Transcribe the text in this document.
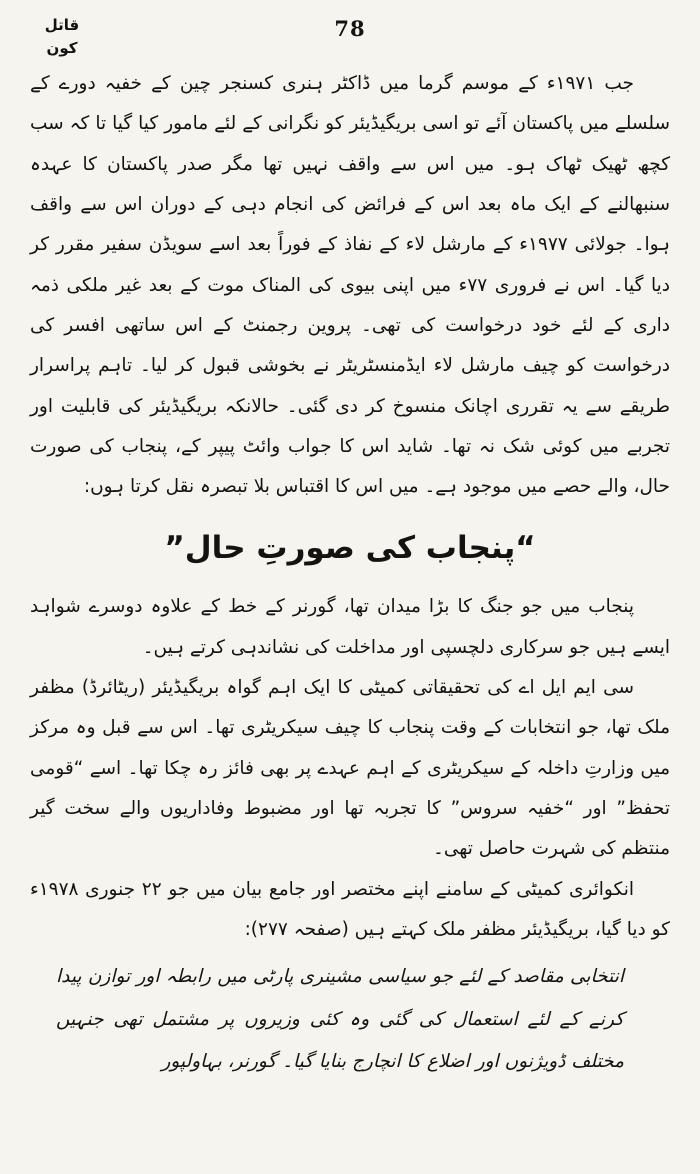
قاتل کون
78

جب ۱۹۷۱ء کے موسم گرما میں ڈاکٹر ہنری کسنجر چین کے خفیہ دورے کے سلسلے میں پاکستان آئے تو اسی بریگیڈیئر کو نگرانی کے لئے مامور کیا گیا تا کہ سب کچھ ٹھیک ٹھاک ہو۔ میں اس سے واقف نہیں تھا مگر صدر پاکستان کا عہدہ سنبھالنے کے ایک ماہ بعد اس کے فرائض کی انجام دہی کے دوران اس سے واقف ہوا۔ جولائی ۱۹۷۷ء کے مارشل لاء کے نفاذ کے فوراً بعد اسے سویڈن سفیر مقرر کر دیا گیا۔ اس نے فروری ۷۷ء میں اپنی بیوی کی المناک موت کے بعد غیر ملکی ذمہ داری کے لئے خود درخواست کی تھی۔ پروین رجمنٹ کے اس ساتھی افسر کی درخواست کو چیف مارشل لاء ایڈمنسٹریٹر نے بخوشی قبول کر لیا۔ تاہم پراسرار طریقے سے یہ تقرری اچانک منسوخ کر دی گئی۔ حالانکہ بریگیڈیئر کی قابلیت اور تجربے میں کوئی شک نہ تھا۔ شاید اس کا جواب وائٹ پیپر کے، پنجاب کی صورت حال، والے حصے میں موجود ہے۔ میں اس کا اقتباس بلا تبصرہ نقل کرتا ہوں:

“پنجاب کی صورتِ حال”

پنجاب میں جو جنگ کا بڑا میدان تھا، گورنر کے خط کے علاوہ دوسرے شواہد ایسے ہیں جو سرکاری دلچسپی اور مداخلت کی نشاندہی کرتے ہیں۔

سی ایم ایل اے کی تحقیقاتی کمیٹی کا ایک اہم گواہ بریگیڈیئر (ریٹائرڈ) مظفر ملک تھا، جو انتخابات کے وقت پنجاب کا چیف سیکریٹری تھا۔ اس سے قبل وہ مرکز میں وزارتِ داخلہ کے سیکریٹری کے اہم عہدے پر بھی فائز رہ چکا تھا۔ اسے “قومی تحفظ” اور “خفیہ سروس” کا تجربہ تھا اور مضبوط وفاداریوں والے سخت گیر منتظم کی شہرت حاصل تھی۔

انکوائری کمیٹی کے سامنے اپنے مختصر اور جامع بیان میں جو ۲۲ جنوری ۱۹۷۸ء کو دیا گیا، بریگیڈیئر مظفر ملک کہتے ہیں (صفحہ ۲۷۷):

انتخابی مقاصد کے لئے جو سیاسی مشینری پارٹی میں رابطہ اور توازن پیدا کرنے کے لئے استعمال کی گئی وہ کئی وزیروں پر مشتمل تھی جنہیں مختلف ڈویژنوں اور اضلاع کا انچارج بنایا گیا۔ گورنر، بہاولپور
